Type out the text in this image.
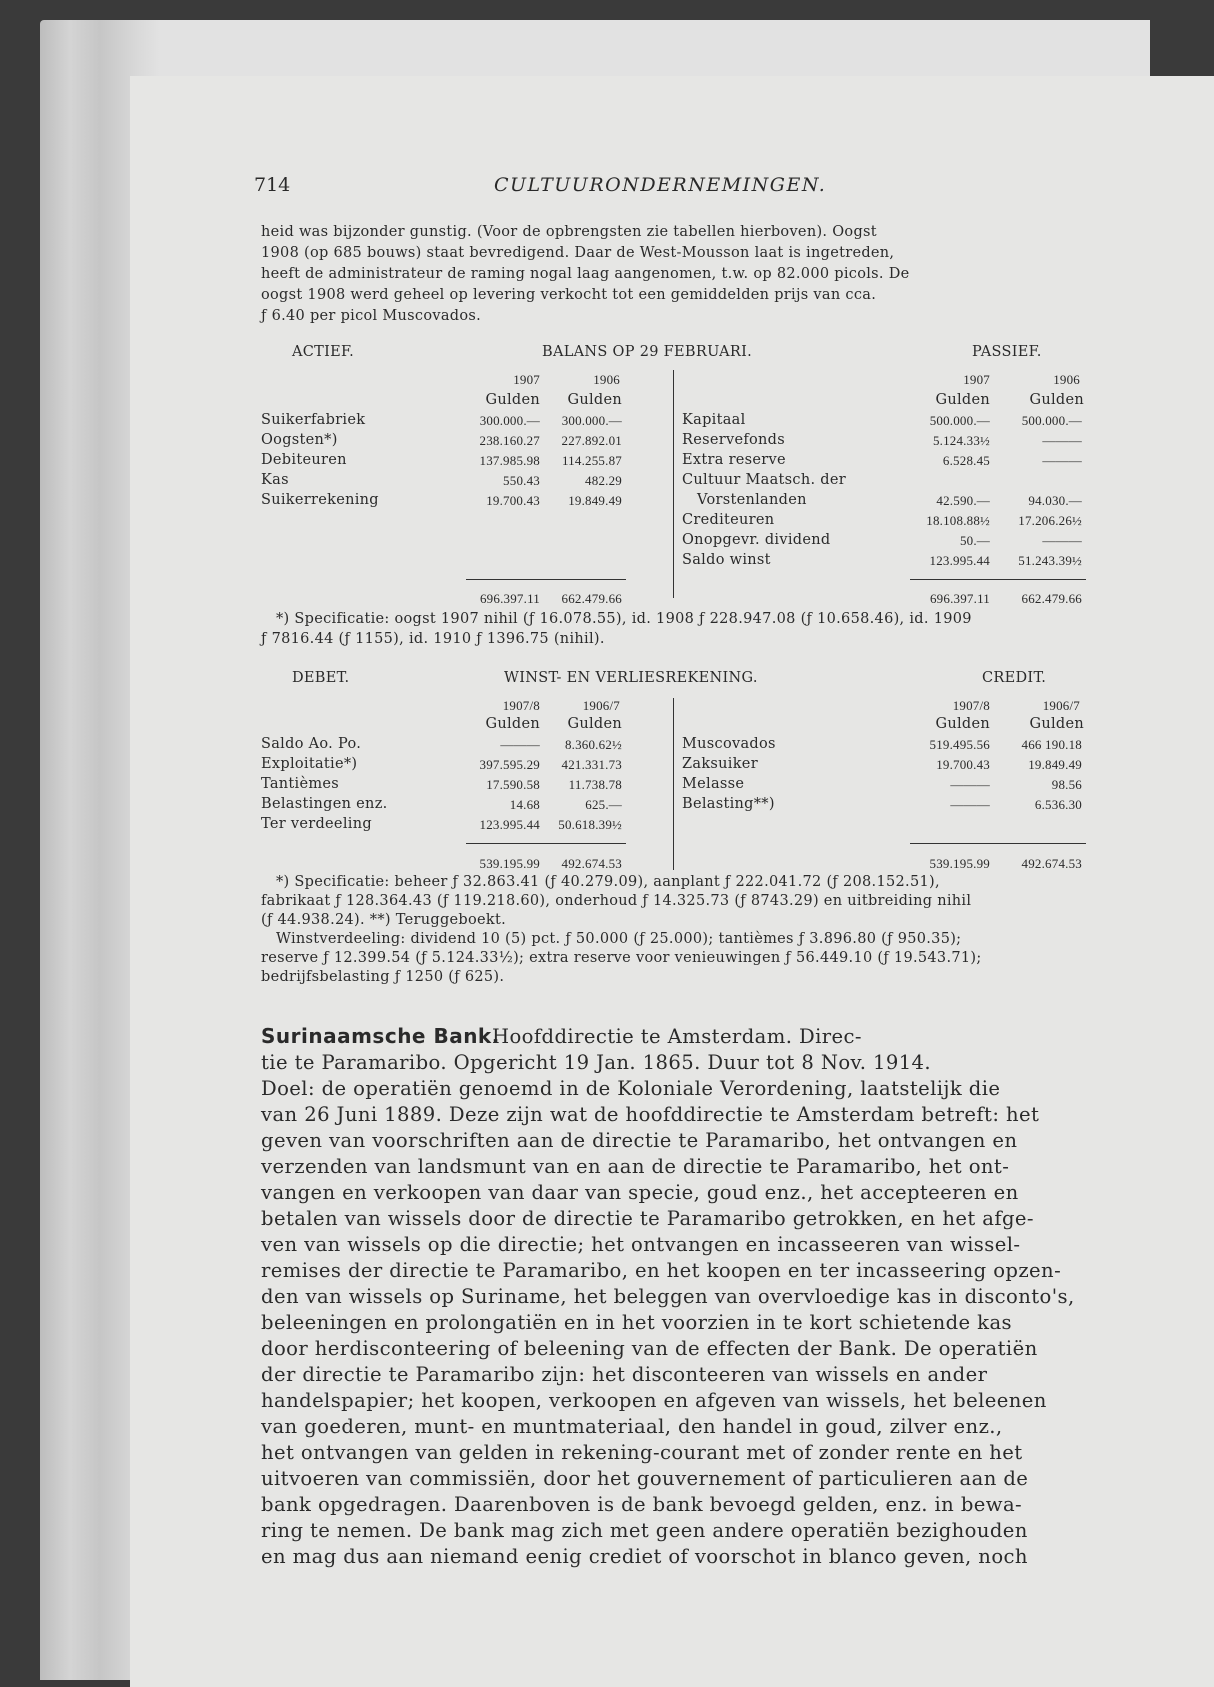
714	CULTUURONDERNEMINGEN.
heid was bijzonder gunstig. (Voor de opbrengsten zie tabellen hierboven). Oogst
1908 (op 685 bouws) staat bevredigend. Daar de West-Mousson laat is ingetreden,
heeft de administrateur de raming nogal laag aangenomen, t.w. op 82.000 picols. De
oogst 1908 werd geheel op levering verkocht tot een gemiddelden prijs van cca.
ƒ 6.40 per picol Muscovados.
ACTIEF.	BALANS OP 29 FEBRUARI.	PASSIEF.
1907	1906
Gulden	Gulden
1907	1906
Gulden	Gulden
Suikerfabriek	300.000.—	300.000.—
Oogsten*)	238.160.27	227.892.01
Debiteuren	137.985.98	114.255.87
Kas	550.43	482.29
Suikerrekening	19.700.43	19.849.49
Kapitaal	500.000.—	500.000.—
Reservefonds	5.124.33½	———
Extra reserve	6.528.45	———
Cultuur Maatsch. der
Vorstenlanden	42.590.—	94.030.—
Crediteuren	18.108.88½	17.206.26½
Onopgevr. dividend	50.—	———
Saldo winst	123.995.44	51.243.39½
696.397.11	662.479.66	696.397.11	662.479.66
*) Specificatie: oogst 1907 nihil (ƒ 16.078.55), id. 1908 ƒ 228.947.08 (ƒ 10.658.46), id. 1909
ƒ 7816.44 (ƒ 1155), id. 1910 ƒ 1396.75 (nihil).
DEBET.	WINST- EN VERLIESREKENING.	CREDIT.
1907/8	1906/7
Gulden	Gulden
1907/8	1906/7
Gulden	Gulden
Saldo Ao. Po.	———	8.360.62½
Exploitatie*)	397.595.29	421.331.73
Tantièmes	17.590.58	11.738.78
Belastingen enz.	14.68	625.—
Ter verdeeling	123.995.44	50.618.39½
Muscovados	519.495.56	466 190.18
Zaksuiker	19.700.43	19.849.49
Melasse	———	98.56
Belasting**)	———	6.536.30
539.195.99	492.674.53	539.195.99	492.674.53
*) Specificatie: beheer ƒ 32.863.41 (ƒ 40.279.09), aanplant ƒ 222.041.72 (ƒ 208.152.51),
fabrikaat ƒ 128.364.43 (ƒ 119.218.60), onderhoud ƒ 14.325.73 (ƒ 8743.29) en uitbreiding nihil
(ƒ 44.938.24). **) Teruggeboekt.
Winstverdeeling: dividend 10 (5) pct. ƒ 50.000 (ƒ 25.000); tantièmes ƒ 3.896.80 (ƒ 950.35);
reserve ƒ 12.399.54 (ƒ 5.124.33½); extra reserve voor venieuwingen ƒ 56.449.10 (ƒ 19.543.71);
bedrijfsbelasting ƒ 1250 (ƒ 625).
Surinaamsche Bank.
Hoofddirectie te Amsterdam. Direc-
tie te Paramaribo. Opgericht 19 Jan. 1865. Duur tot 8 Nov. 1914.
Doel: de operatiën genoemd in de Koloniale Verordening, laatstelijk die
van 26 Juni 1889. Deze zijn wat de hoofddirectie te Amsterdam betreft: het
geven van voorschriften aan de directie te Paramaribo, het ontvangen en
verzenden van landsmunt van en aan de directie te Paramaribo, het ont-
vangen en verkoopen van daar van specie, goud enz., het accepteeren en
betalen van wissels door de directie te Paramaribo getrokken, en het afge-
ven van wissels op die directie; het ontvangen en incasseeren van wissel-
remises der directie te Paramaribo, en het koopen en ter incasseering opzen-
den van wissels op Suriname, het beleggen van overvloedige kas in disconto's,
beleeningen en prolongatiën en in het voorzien in te kort schietende kas
door herdisconteering of beleening van de effecten der Bank. De operatiën
der directie te Paramaribo zijn: het disconteeren van wissels en ander
handelspapier; het koopen, verkoopen en afgeven van wissels, het beleenen
van goederen, munt- en muntmateriaal, den handel in goud, zilver enz.,
het ontvangen van gelden in rekening-courant met of zonder rente en het
uitvoeren van commissiën, door het gouvernement of particulieren aan de
bank opgedragen. Daarenboven is de bank bevoegd gelden, enz. in bewa-
ring te nemen. De bank mag zich met geen andere operatiën bezighouden
en mag dus aan niemand eenig crediet of voorschot in blanco geven, noch
